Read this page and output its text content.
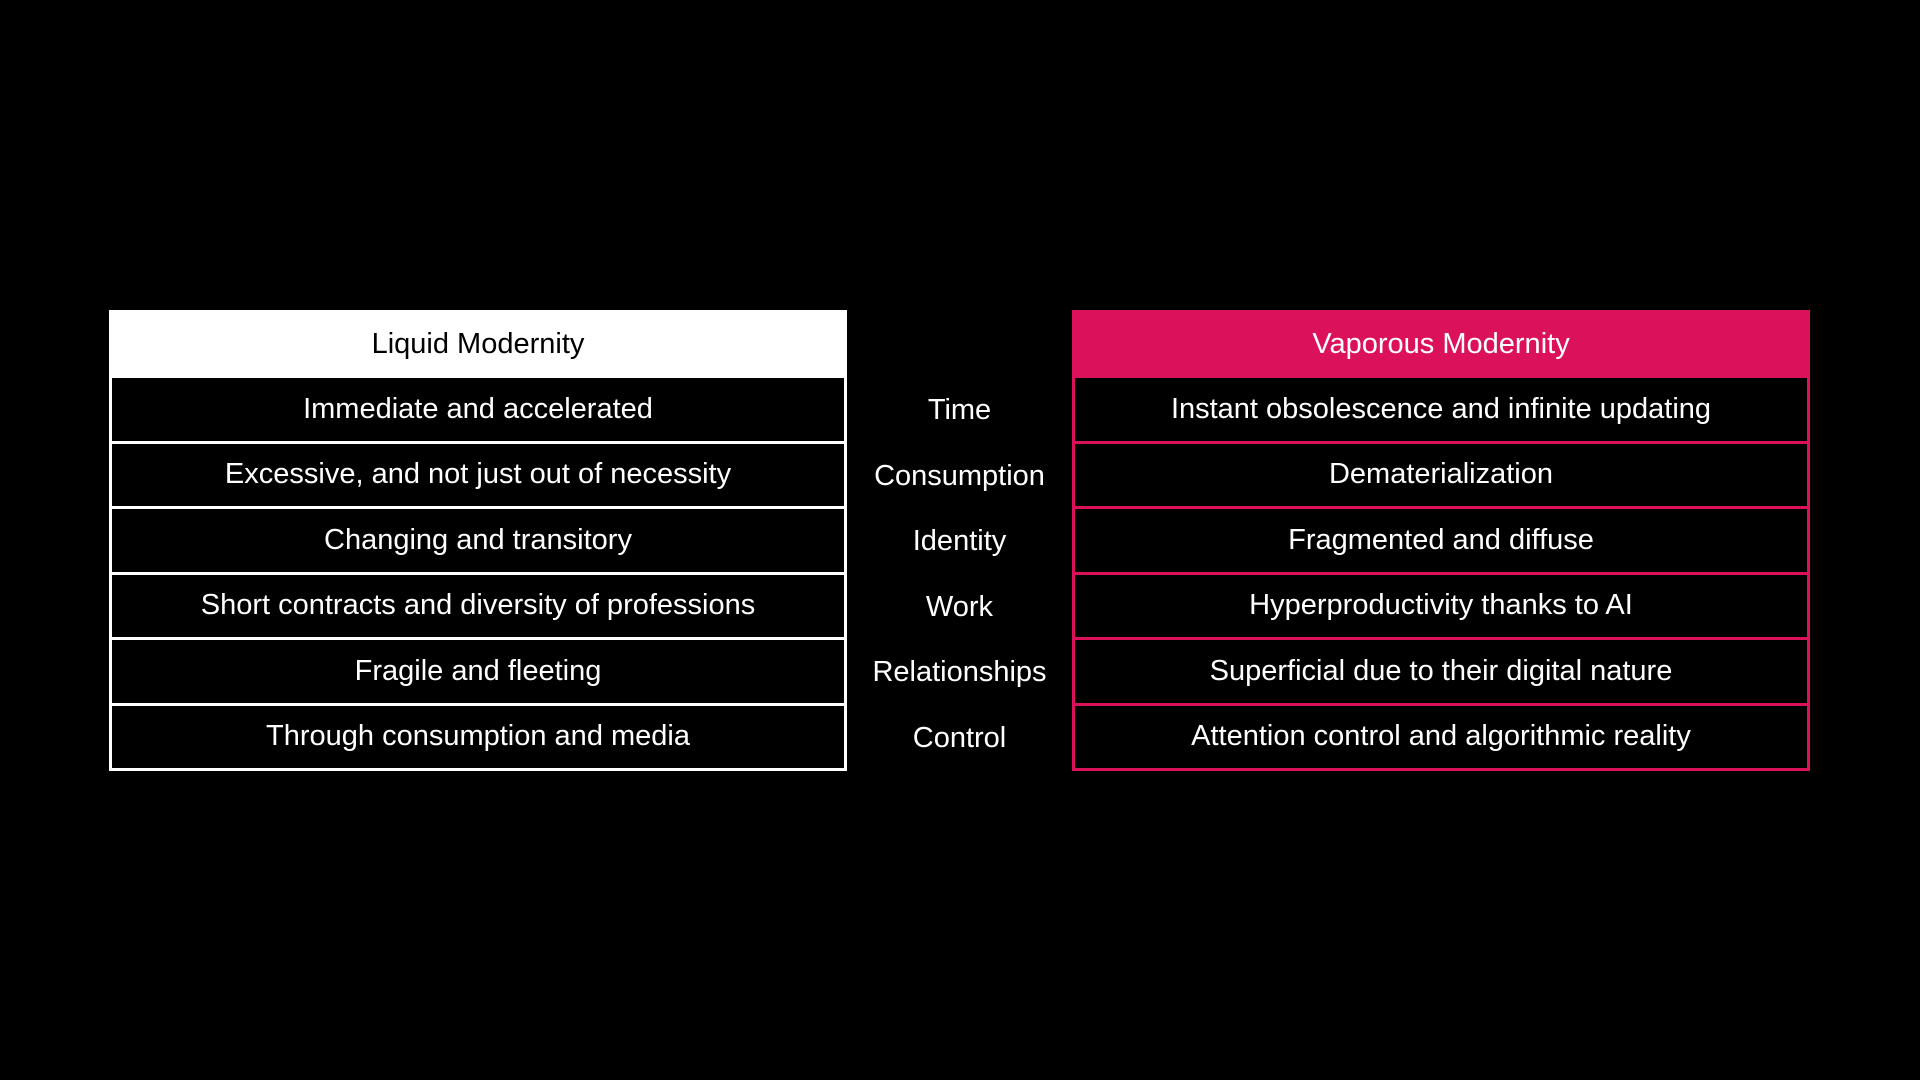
Liquid Modernity
Immediate and accelerated
Excessive, and not just out of necessity
Changing and transitory
Short contracts and diversity of professions
Fragile and fleeting
Through consumption and media
Time
Consumption
Identity
Work
Relationships
Control
Vaporous Modernity
Instant obsolescence and infinite updating
Dematerialization
Fragmented and diffuse
Hyperproductivity thanks to AI
Superficial due to their digital nature
Attention control and algorithmic reality
